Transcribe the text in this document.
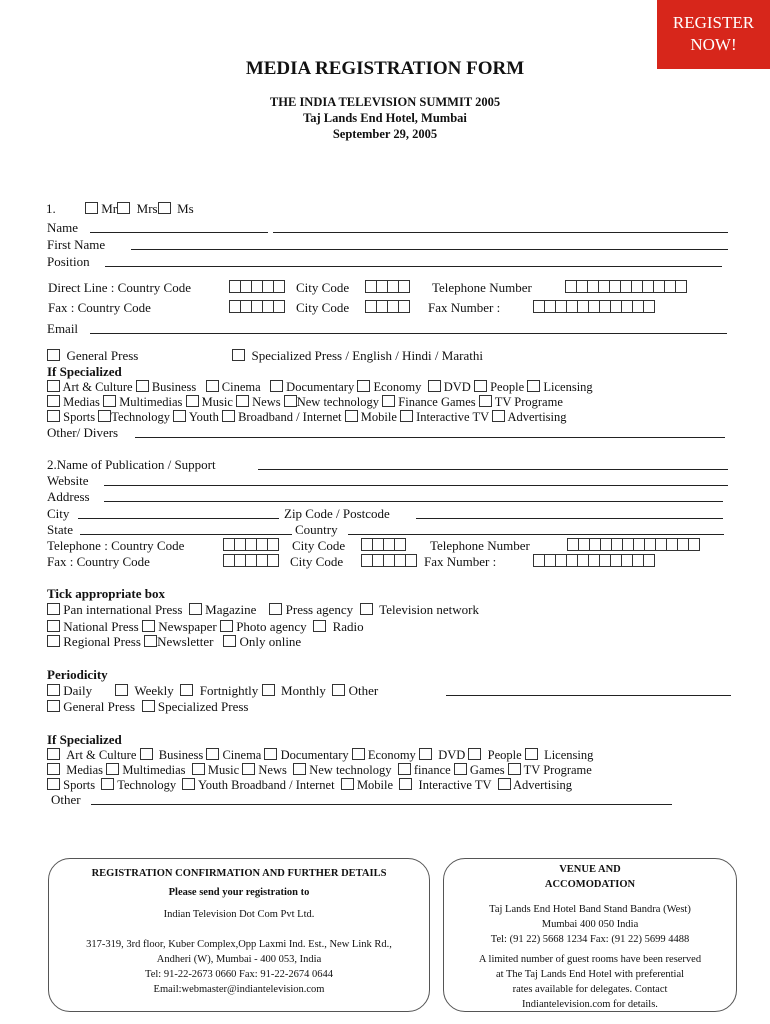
REGISTER
NOW!
MEDIA REGISTRATION FORM
THE INDIA TELEVISION SUMMIT 2005
Taj Lands End Hotel, Mumbai
September 29, 2005
1.	Mr Mrs Ms
Name
First Name
Position
Direct Line : Country Code	City Code	Telephone Number
Fax : Country Code	City Code	Fax Number :
Email
General Press	Specialized Press / English / Hindi / Marathi
If Specialized
Art & Culture Business Cinema Documentary Economy DVD People Licensing
Medias Multimedias Music News New technology Finance Games TV Programe
Sports Technology Youth Broadband / Internet Mobile Interactive TV Advertising
Other/ Divers
2.Name of Publication / Support
Website
Address
City	Zip Code / Postcode
State	Country
Telephone : Country Code	City Code	Telephone Number
Fax : Country Code	City Code	Fax Number :
Tick appropriate box
Pan international Press Magazine Press agency Television network
National Press Newspaper Photo agency Radio
Regional Press Newsletter Only online
Periodicity
Daily	Weekly Fortnightly Monthly Other
General Press Specialized Press
If Specialized
Art & Culture Business Cinema Documentary Economy DVD People Licensing
Medias Multimedias Music News New technology finance Games TV Programe
Sports Technology Youth Broadband / Internet Mobile Interactive TV Advertising
Other

REGISTRATION CONFIRMATION AND FURTHER DETAILS

Please send your registration to

Indian Television Dot Com Pvt Ltd.

317-319, 3rd floor, Kuber Complex,Opp Laxmi Ind. Est., New Link Rd.,

Andheri (W), Mumbai - 400 053, India

Tel: 91-22-2673 0660 Fax: 91-22-2674 0644

Email:webmaster@indiantelevision.com

VENUE AND

ACCOMODATION

Taj Lands End Hotel Band Stand Bandra (West)

Mumbai 400 050 India

Tel: (91 22) 5668 1234 Fax: (91 22) 5699 4488

A limited number of guest rooms have been reserved

at The Taj Lands End Hotel with preferential

rates available for delegates. Contact

Indiantelevision.com for details.
